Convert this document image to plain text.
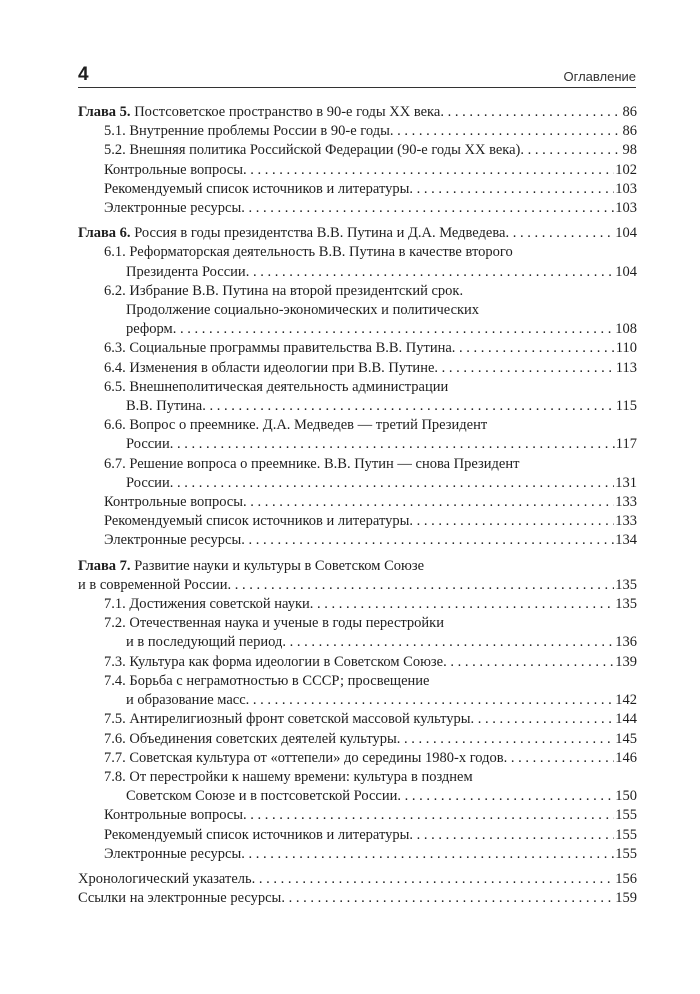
4	Оглавление
Глава 5. Постсоветское пространство в 90-е годы XX века . . .	86
5.1. Внутренние проблемы России в 90-е годы . . .	86
5.2. Внешняя политика Российской Федерации (90-е годы XX века) . . .	98
Контрольные вопросы . . .	102
Рекомендуемый список источников и литературы . . .	103
Электронные ресурсы . . .	103
Глава 6. Россия в годы президентства В.В. Путина и Д.А. Медведева . . .	104
6.1. Реформаторская деятельность В.В. Путина в качестве второго
Президента России . . .	104
6.2. Избрание В.В. Путина на второй президентский срок.
Продолжение социально-экономических и политических
реформ . . .	108
6.3. Социальные программы правительства В.В. Путина . . .	110
6.4. Изменения в области идеологии при В.В. Путине . . .	113
6.5. Внешнеполитическая деятельность администрации
В.В. Путина . . .	115
6.6. Вопрос о преемнике. Д.А. Медведев — третий Президент
России . . .	117
6.7. Решение вопроса о преемнике. В.В. Путин — снова Президент
России . . .	131
Контрольные вопросы . . .	133
Рекомендуемый список источников и литературы . . .	133
Электронные ресурсы . . .	134
Глава 7. Развитие науки и культуры в Советском Союзе
и в современной России . . .	135
7.1. Достижения советской науки . . .	135
7.2. Отечественная наука и ученые в годы перестройки
и в последующий период . . .	136
7.3. Культура как форма идеологии в Советском Союзе . . .	139
7.4. Борьба с неграмотностью в СССР; просвещение
и образование масс . . .	142
7.5. Антирелигиозный фронт советской массовой культуры . . .	144
7.6. Объединения советских деятелей культуры . . .	145
7.7. Советская культура от «оттепели» до середины 1980-х годов . . .	146
7.8. От перестройки к нашему времени: культура в позднем
Советском Союзе и в постсоветской России . . .	150
Контрольные вопросы . . .	155
Рекомендуемый список источников и литературы . . .	155
Электронные ресурсы . . .	155
Хронологический указатель . . .	156
Ссылки на электронные ресурсы . . .	159
